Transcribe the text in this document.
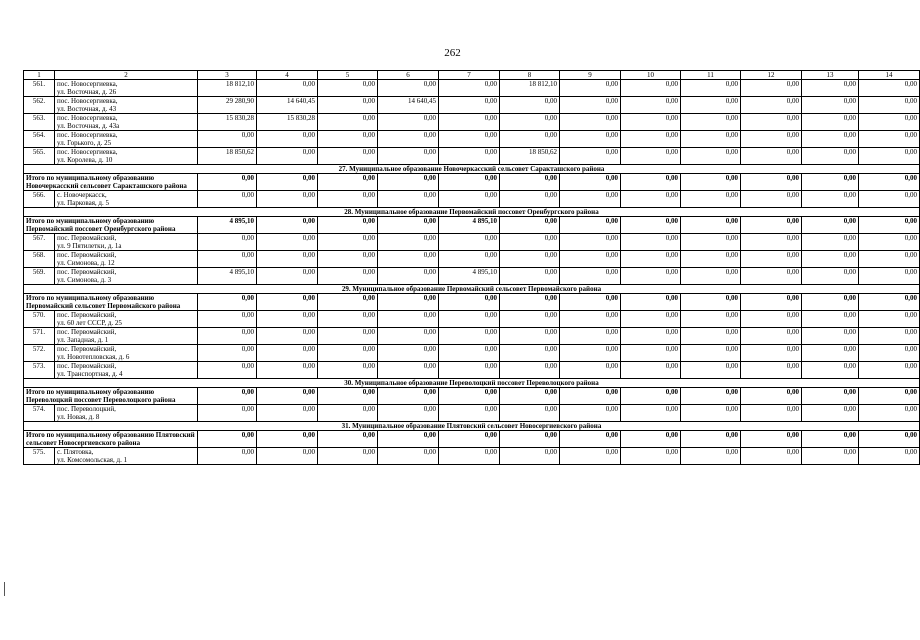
262
1	2	3	4	5	6	7	8	9	10	11	12	13	14
561.	пос. Новосергиевка,
ул. Восточная, д. 26	18 812,10	0,00	0,00	0,00	0,00	18 812,10	0,00	0,00	0,00	0,00	0,00	0,00
562.	пос. Новосергиевка,
ул. Восточная, д. 43	29 280,90	14 640,45	0,00	14 640,45	0,00	0,00	0,00	0,00	0,00	0,00	0,00	0,00
563.	пос. Новосергиевка,
ул. Восточная, д. 43а	15 830,28	15 830,28	0,00	0,00	0,00	0,00	0,00	0,00	0,00	0,00	0,00	0,00
564.	пос. Новосергиевка,
ул. Горького, д. 25	0,00	0,00	0,00	0,00	0,00	0,00	0,00	0,00	0,00	0,00	0,00	0,00
565.	пос. Новосергиевка,
ул. Королева, д. 10	18 850,62	0,00	0,00	0,00	0,00	18 850,62	0,00	0,00	0,00	0,00	0,00	0,00
27. Муниципальное образование Новочеркасский сельсовет Саракташского района													
Итого по муниципальному образованию Новочеркасский сельсовет Саракташского района		0,00	0,00	0,00	0,00	0,00	0,00	0,00	0,00	0,00	0,00	0,00	0,00
566.	с. Новочеркасск,
ул. Парковая, д. 5	0,00	0,00	0,00	0,00	0,00	0,00	0,00	0,00	0,00	0,00	0,00	0,00
28. Муниципальное образование Первомайский поссовет Оренбургского района													
Итого по муниципальному образованию Первомайский поссовет Оренбургского района		4 895,10	0,00	0,00	0,00	4 895,10	0,00	0,00	0,00	0,00	0,00	0,00	0,00
567.	пос. Первомайский,
ул. 9 Пятилетки, д. 1а	0,00	0,00	0,00	0,00	0,00	0,00	0,00	0,00	0,00	0,00	0,00	0,00
568.	пос. Первомайский,
ул. Симонова, д. 12	0,00	0,00	0,00	0,00	0,00	0,00	0,00	0,00	0,00	0,00	0,00	0,00
569.	пос. Первомайский,
ул. Симонова, д. 3	4 895,10	0,00	0,00	0,00	4 895,10	0,00	0,00	0,00	0,00	0,00	0,00	0,00
29. Муниципальное образование Первомайский сельсовет Первомайского района													
Итого по муниципальному образованию Первомайский сельсовет Первомайского района		0,00	0,00	0,00	0,00	0,00	0,00	0,00	0,00	0,00	0,00	0,00	0,00
570.	пос. Первомайский,
ул. 60 лет СССР, д. 25	0,00	0,00	0,00	0,00	0,00	0,00	0,00	0,00	0,00	0,00	0,00	0,00
571.	пос. Первомайский,
ул. Западная, д. 1	0,00	0,00	0,00	0,00	0,00	0,00	0,00	0,00	0,00	0,00	0,00	0,00
572.	пос. Первомайский,
ул. Новотепловская, д. 6	0,00	0,00	0,00	0,00	0,00	0,00	0,00	0,00	0,00	0,00	0,00	0,00
573.	пос. Первомайский,
ул. Транспортная, д. 4	0,00	0,00	0,00	0,00	0,00	0,00	0,00	0,00	0,00	0,00	0,00	0,00
30. Муниципальное образование Переволоцкий поссовет Переволоцкого района													
Итого по муниципальному образованию Переволоцкий поссовет Переволоцкого района		0,00	0,00	0,00	0,00	0,00	0,00	0,00	0,00	0,00	0,00	0,00	0,00
574.	пос. Переволоцкий,
ул. Новая, д. 8	0,00	0,00	0,00	0,00	0,00	0,00	0,00	0,00	0,00	0,00	0,00	0,00
31. Муниципальное образование Плятовский сельсовет Новосергиевского района													
Итого по муниципальному образованию Плятовский сельсовет Новосергиевского района		0,00	0,00	0,00	0,00	0,00	0,00	0,00	0,00	0,00	0,00	0,00	0,00
575.	с. Плятовка,
ул. Комсомольская, д. 1	0,00	0,00	0,00	0,00	0,00	0,00	0,00	0,00	0,00	0,00	0,00	0,00
